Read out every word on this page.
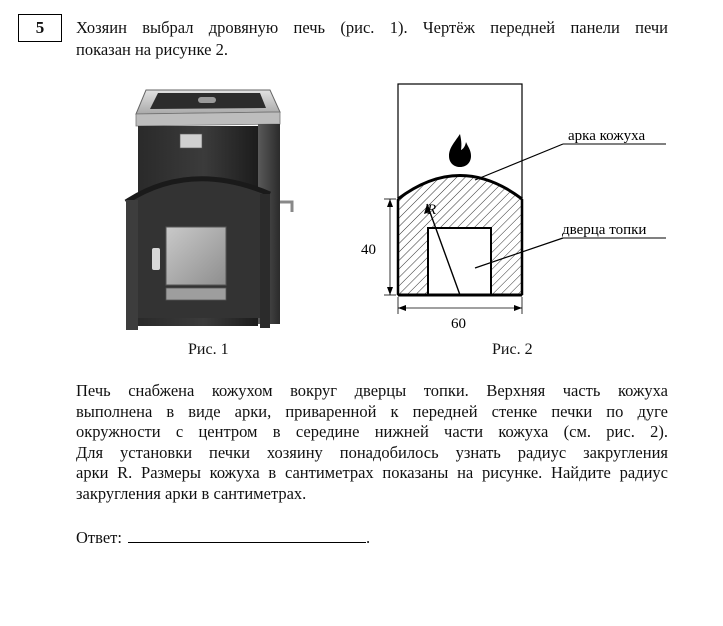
5	Хозяин выбрал дровяную печь (рис. 1). Чертёж передней панели печи
показан на рисунке 2.
R
арка кожуха
дверца топки
40
60
Рис. 1	Рис. 2
Печь снабжена кожухом вокруг дверцы топки. Верхняя часть кожуха
выполнена в виде арки, приваренной к передней стенке печки по дуге
окружности с центром в середине нижней части кожуха (см. рис. 2).
Для установки печки хозяину понадобилось узнать радиус закругления
арки R. Размеры кожуха в сантиметрах показаны на рисунке. Найдите радиус
закругления арки в сантиметрах.
Ответ:	.
